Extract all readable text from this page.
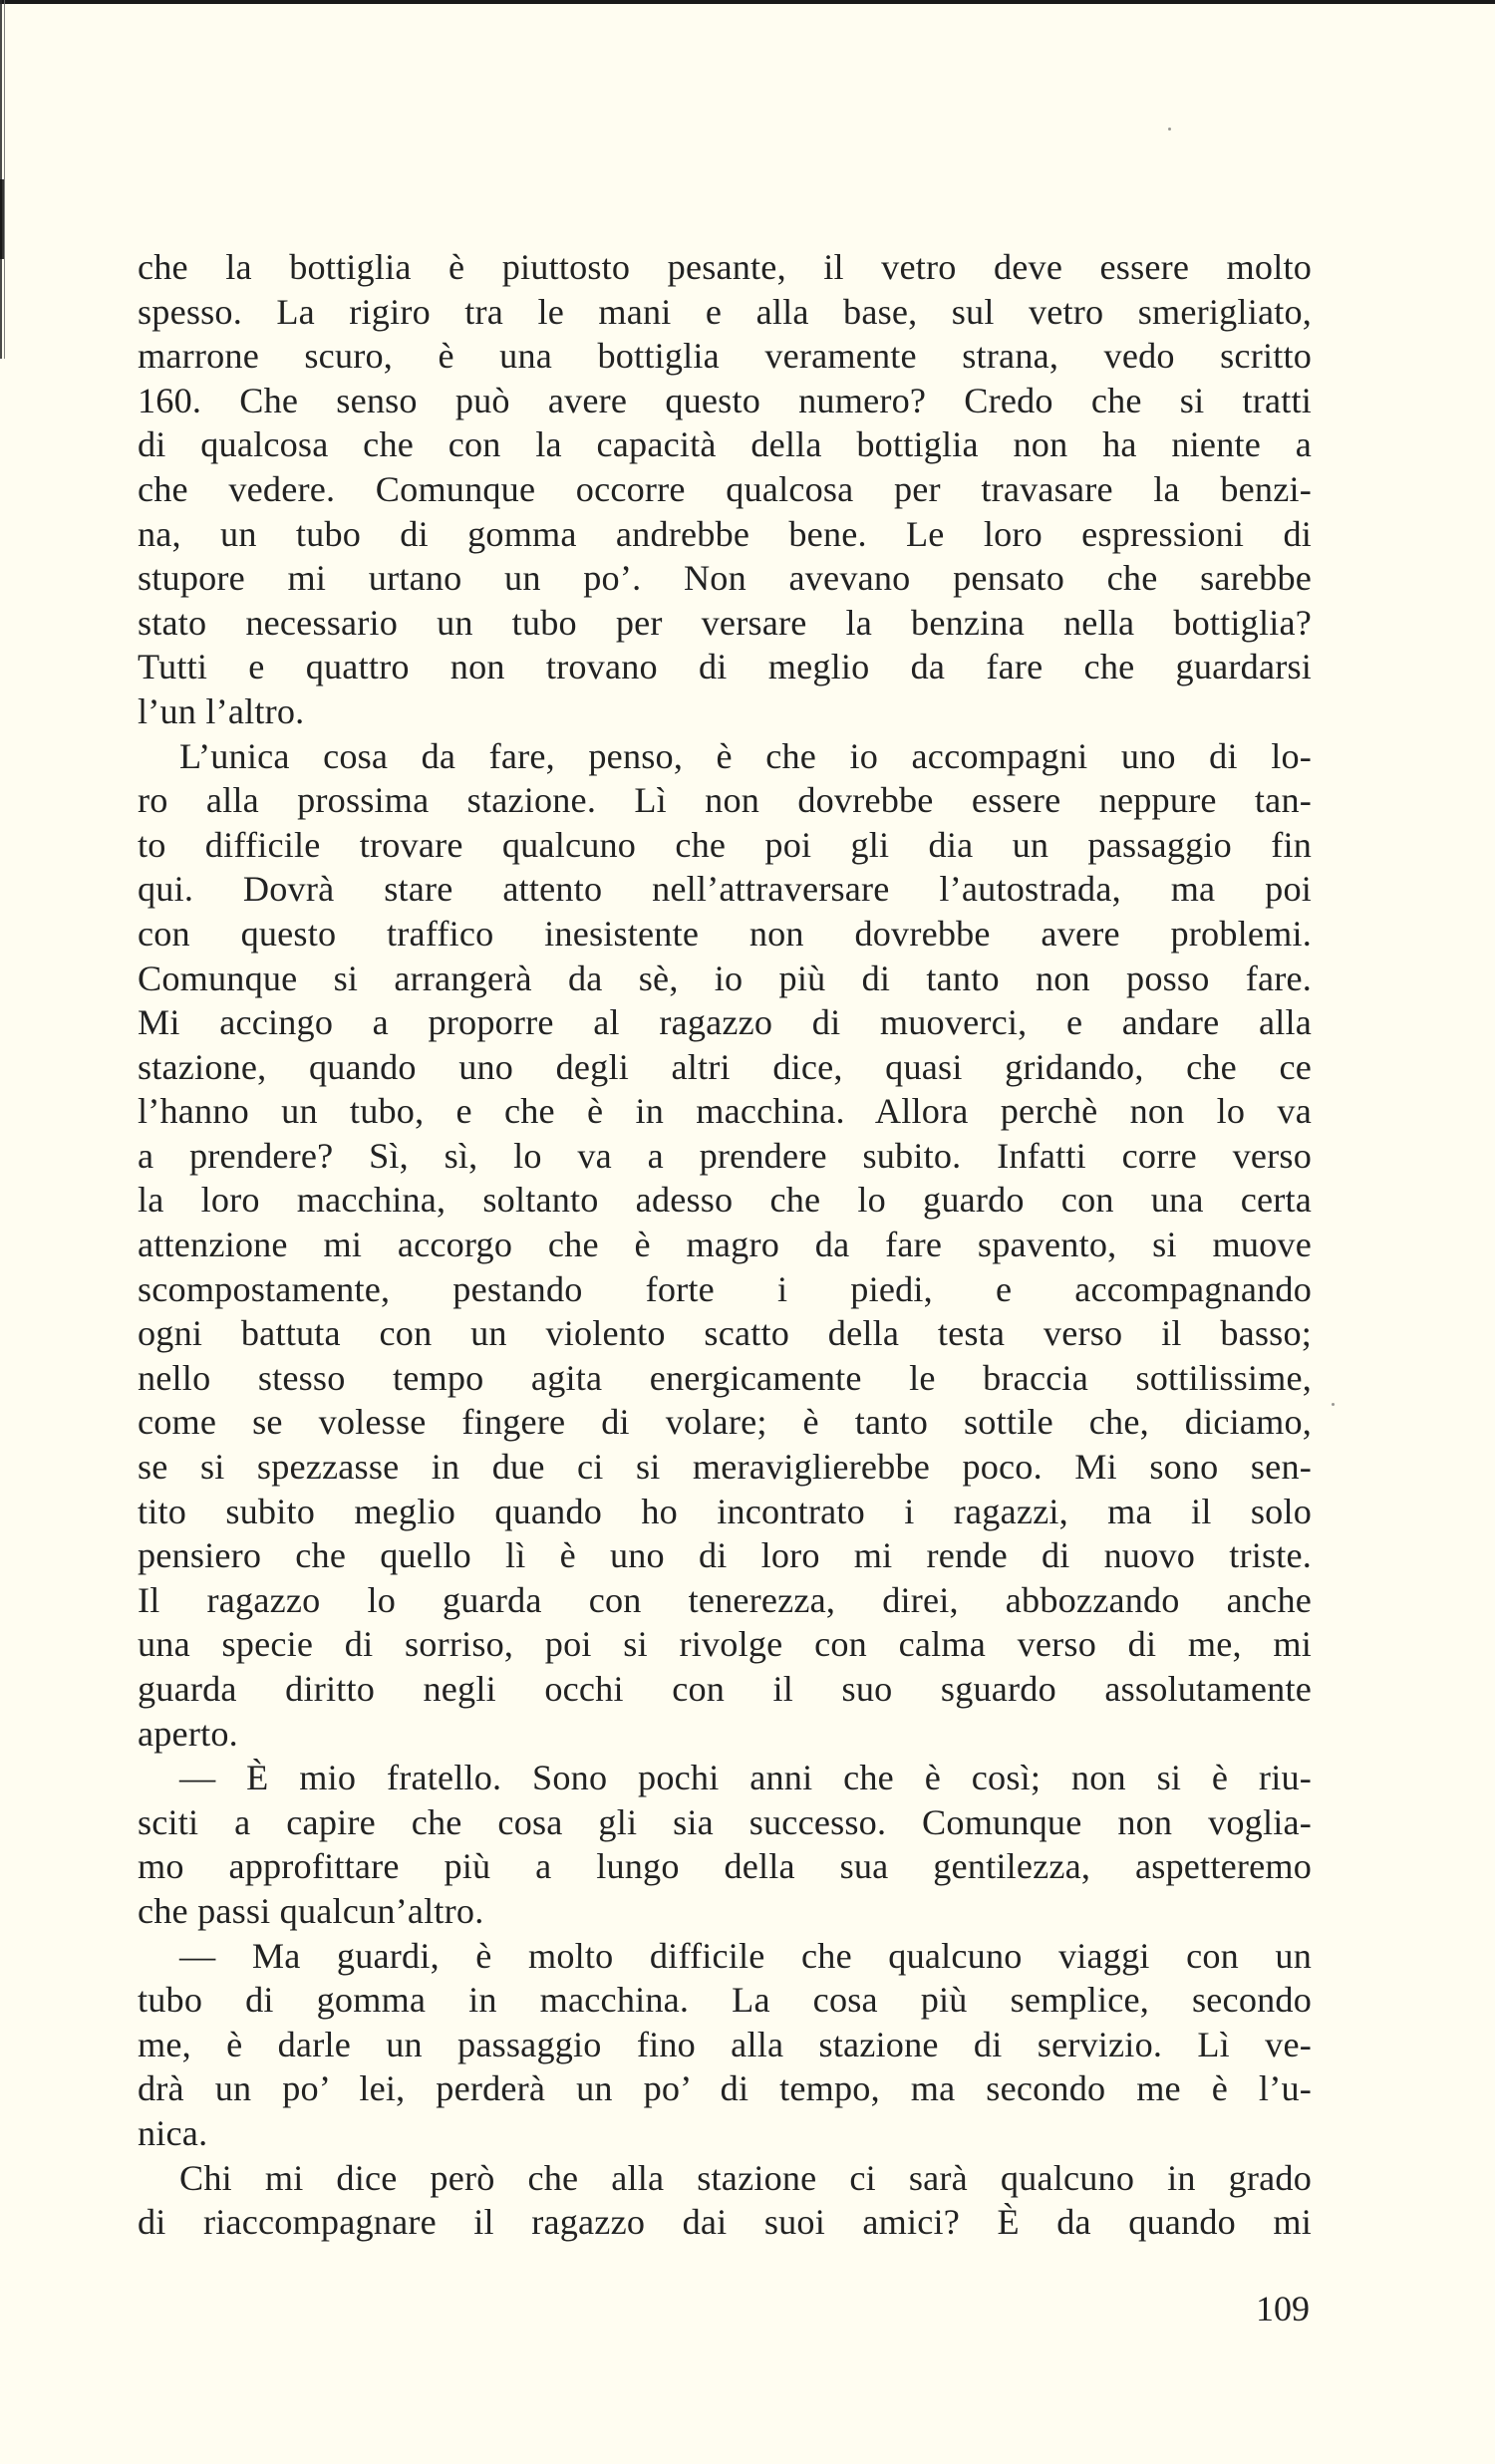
che la bottiglia è piuttosto pesante, il vetro deve essere molto
spesso. La rigiro tra le mani e alla base, sul vetro smerigliato,
marrone scuro, è una bottiglia veramente strana, vedo scritto
160. Che senso può avere questo numero? Credo che si tratti
di qualcosa che con la capacità della bottiglia non ha niente a
che vedere. Comunque occorre qualcosa per travasare la benzi-
na, un tubo di gomma andrebbe bene. Le loro espressioni di
stupore mi urtano un po’. Non avevano pensato che sarebbe
stato necessario un tubo per versare la benzina nella bottiglia?
Tutti e quattro non trovano di meglio da fare che guardarsi
l’un l’altro.
L’unica cosa da fare, penso, è che io accompagni uno di lo-
ro alla prossima stazione. Lì non dovrebbe essere neppure tan-
to difficile trovare qualcuno che poi gli dia un passaggio fin
qui. Dovrà stare attento nell’attraversare l’autostrada, ma poi
con questo traffico inesistente non dovrebbe avere problemi.
Comunque si arrangerà da sè, io più di tanto non posso fare.
Mi accingo a proporre al ragazzo di muoverci, e andare alla
stazione, quando uno degli altri dice, quasi gridando, che ce
l’hanno un tubo, e che è in macchina. Allora perchè non lo va
a prendere? Sì, sì, lo va a prendere subito. Infatti corre verso
la loro macchina, soltanto adesso che lo guardo con una certa
attenzione mi accorgo che è magro da fare spavento, si muove
scompostamente, pestando forte i piedi, e accompagnando
ogni battuta con un violento scatto della testa verso il basso;
nello stesso tempo agita energicamente le braccia sottilissime,
come se volesse fingere di volare; è tanto sottile che, diciamo,
se si spezzasse in due ci si meraviglierebbe poco. Mi sono sen-
tito subito meglio quando ho incontrato i ragazzi, ma il solo
pensiero che quello lì è uno di loro mi rende di nuovo triste.
Il ragazzo lo guarda con tenerezza, direi, abbozzando anche
una specie di sorriso, poi si rivolge con calma verso di me, mi
guarda diritto negli occhi con il suo sguardo assolutamente
aperto.
— È mio fratello. Sono pochi anni che è così; non si è riu-
sciti a capire che cosa gli sia successo. Comunque non voglia-
mo approfittare più a lungo della sua gentilezza, aspetteremo
che passi qualcun’altro.
— Ma guardi, è molto difficile che qualcuno viaggi con un
tubo di gomma in macchina. La cosa più semplice, secondo
me, è darle un passaggio fino alla stazione di servizio. Lì ve-
drà un po’ lei, perderà un po’ di tempo, ma secondo me è l’u-
nica.
Chi mi dice però che alla stazione ci sarà qualcuno in grado
di riaccompagnare il ragazzo dai suoi amici? È da quando mi
109
